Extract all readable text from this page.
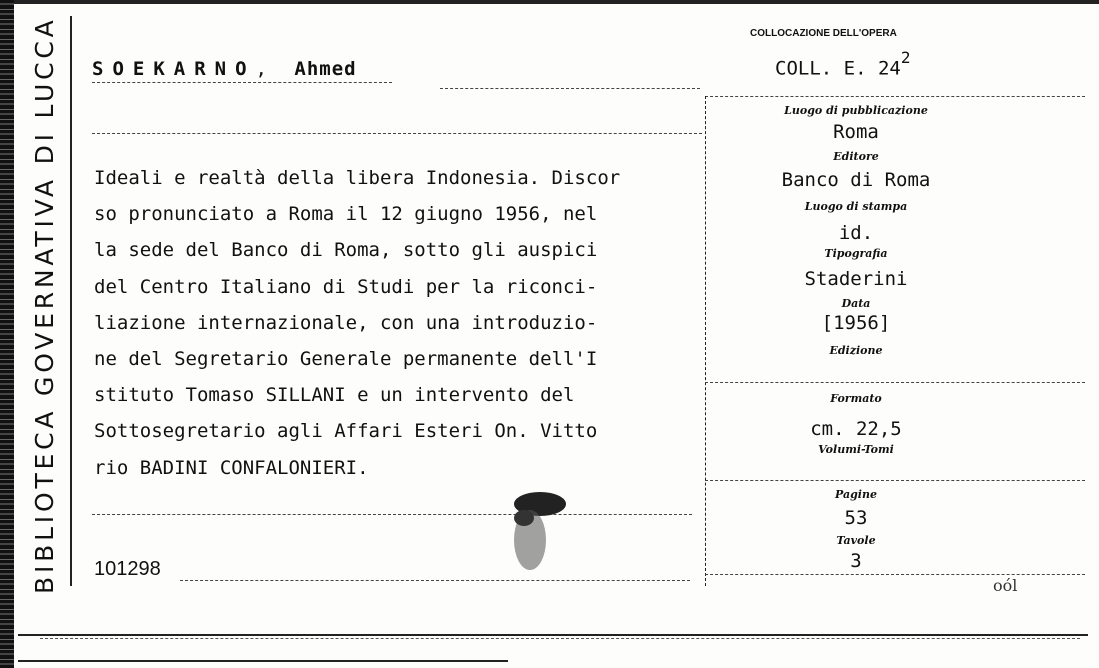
BIBLIOTECA GOVERNATIVA DI LUCCA SOEKARNO, Ahmed
Ideali e realtà della libera Indonesia. Discor
so pronunciato a Roma il 12 giugno 1956, nel
la sede del Banco di Roma, sotto gli auspici
del Centro Italiano di Studi per la riconci-
liazione internazionale, con una introduzio-
ne del Segretario Generale permanente dell'I
stituto Tomaso SILLANI e un intervento del
Sottosegretario agli Affari Esteri On. Vitto
rio BADINI CONFALONIERI.
101298
COLLOCAZIONE DELL'OPERA
COLL. E. $24^2$
Luogo di pubblicazione
Roma
Editore
Banco di Roma
Luogo di stampa
id.
Tipografia
Staderini
Data
[1956]
Edizione
Formato
cm. 22,5
Volumi-Tomi
Pagine
53
Tavole
3
oól
